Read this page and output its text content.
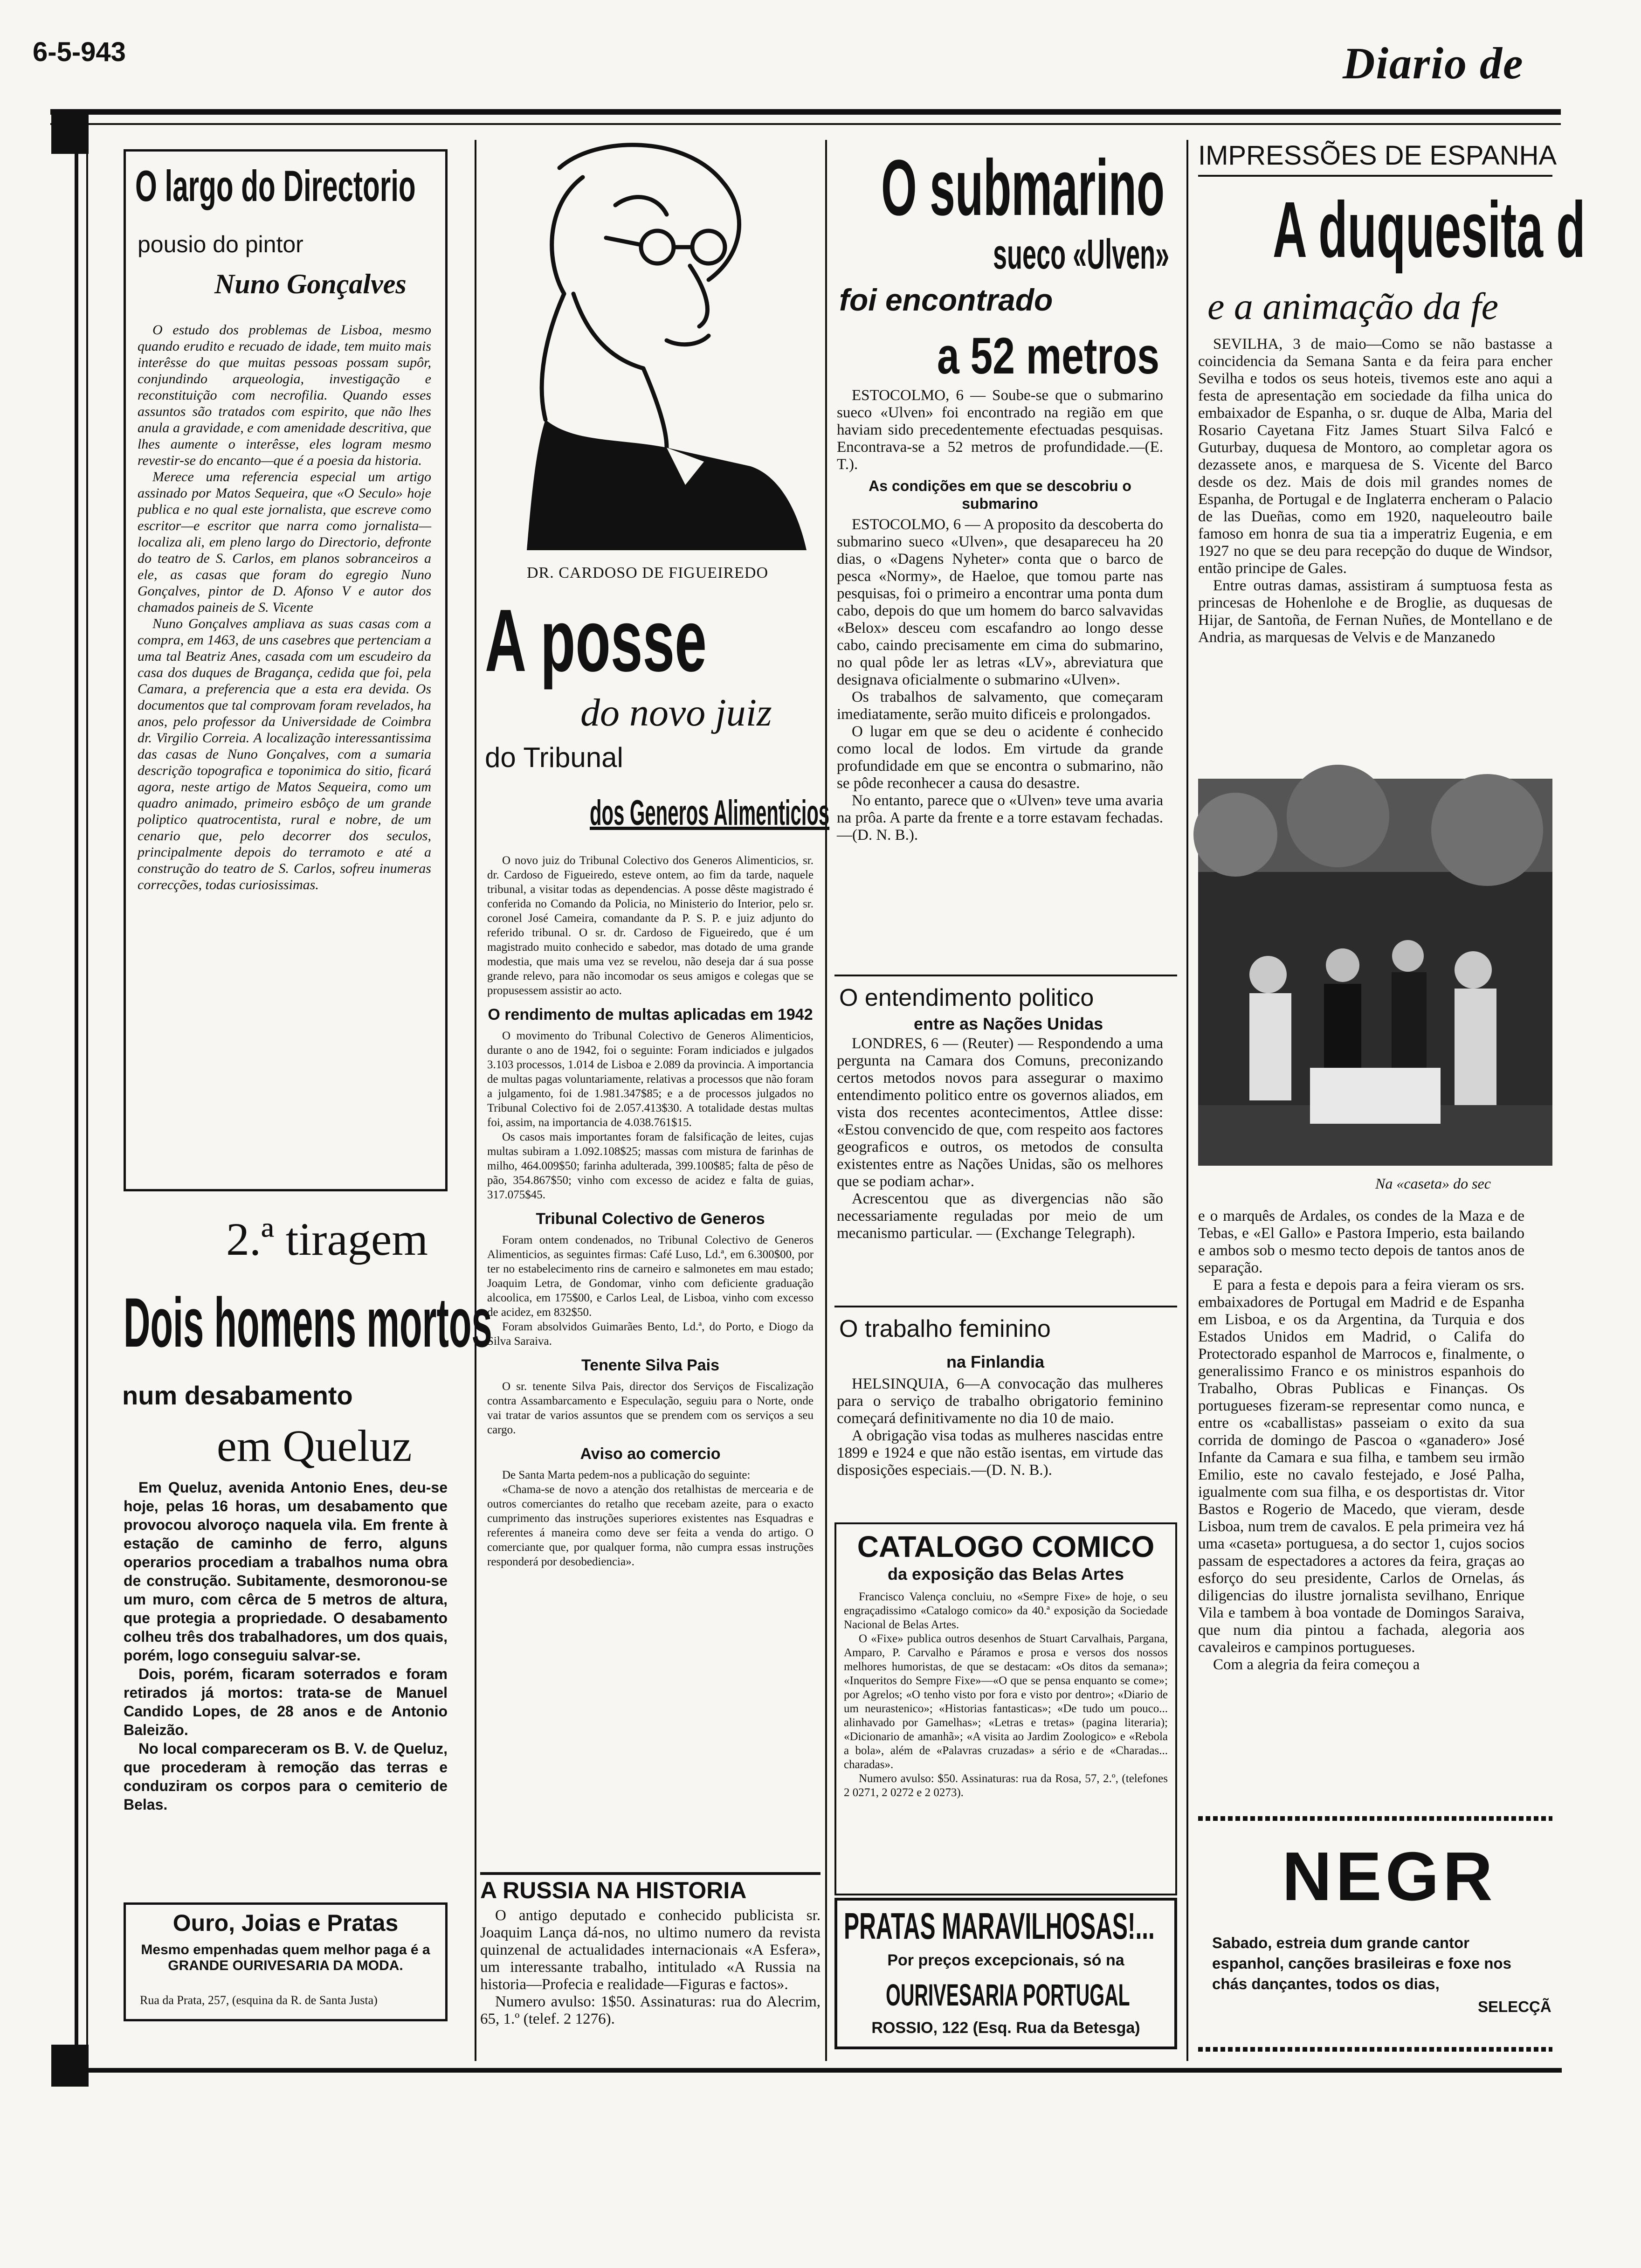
6-5-943	Diario de
O largo do Directorio
pousio do pintor
Nuno Gonçalves

O estudo dos problemas de Lisboa, mesmo quando erudito e recuado de idade, tem muito mais interêsse do que muitas pessoas possam supôr, conjundindo arqueologia, investigação e reconstituição com necrofilia. Quando esses assuntos são tratados com espirito, que não lhes anula a gravidade, e com amenidade descritiva, que lhes aumente o interêsse, eles logram mesmo revestir-se do encanto—que é a poesia da historia.

Merece uma referencia especial um artigo assinado por Matos Sequeira, que «O Seculo» hoje publica e no qual este jornalista, que escreve como escritor—e escritor que narra como jornalista—localiza ali, em pleno largo do Directorio, defronte do teatro de S. Carlos, em planos sobranceiros a ele, as casas que foram do egregio Nuno Gonçalves, pintor de D. Afonso V e autor dos chamados paineis de S. Vicente

Nuno Gonçalves ampliava as suas casas com a compra, em 1463, de uns casebres que pertenciam a uma tal Beatriz Anes, casada com um escudeiro da casa dos duques de Bragança, cedida que foi, pela Camara, a preferencia que a esta era devida. Os documentos que tal comprovam foram revelados, ha anos, pelo professor da Universidade de Coimbra dr. Virgilio Correia. A localização interessantissima das casas de Nuno Gonçalves, com a sumaria descrição topografica e toponimica do sitio, ficará agora, neste artigo de Matos Sequeira, como um quadro animado, primeiro esbôço de um grande poliptico quatrocentista, rural e nobre, de um cenario que, pelo decorrer dos seculos, principalmente depois do terramoto e até a construção do teatro de S. Carlos, sofreu inumeras correcções, todas curiosissimas.

2.ª tiragem
Dois homens mortos
num desabamento
em Queluz

Em Queluz, avenida Antonio Enes, deu-se hoje, pelas 16 horas, um desabamento que provocou alvoroço naquela vila. Em frente à estação de caminho de ferro, alguns operarios procediam a trabalhos numa obra de construção. Subitamente, desmoronou-se um muro, com cêrca de 5 metros de altura, que protegia a propriedade. O desabamento colheu três dos trabalhadores, um dos quais, porém, logo conseguiu salvar-se.

Dois, porém, ficaram soterrados e foram retirados já mortos: trata-se de Manuel Candido Lopes, de 28 anos e de Antonio Baleizão.

No local compareceram os B. V. de Queluz, que procederam à remoção das terras e conduziram os corpos para o cemiterio de Belas.

Ouro, Joias e Pratas
Mesmo empenhadas quem melhor paga é a GRANDE OURIVESARIA DA MODA.
Rua da Prata, 257, (esquina da R. de Santa Justa)
DR. CARDOSO DE FIGUEIREDO
A posse
do novo juiz
do Tribunal
dos Generos Alimenticios

O novo juiz do Tribunal Colectivo dos Generos Alimenticios, sr. dr. Cardoso de Figueiredo, esteve ontem, ao fim da tarde, naquele tribunal, a visitar todas as dependencias. A posse dêste magistrado é conferida no Comando da Policia, no Ministerio do Interior, pelo sr. coronel José Cameira, comandante da P. S. P. e juiz adjunto do referido tribunal. O sr. dr. Cardoso de Figueiredo, que é um magistrado muito conhecido e sabedor, mas dotado de uma grande modestia, que mais uma vez se revelou, não deseja dar á sua posse grande relevo, para não incomodar os seus amigos e colegas que se propusessem assistir ao acto.

O rendimento de multas aplicadas em 1942

O movimento do Tribunal Colectivo de Generos Alimenticios, durante o ano de 1942, foi o seguinte: Foram indiciados e julgados 3.103 processos, 1.014 de Lisboa e 2.089 da provincia. A importancia de multas pagas voluntariamente, relativas a processos que não foram a julgamento, foi de 1.981.347$85; e a de processos julgados no Tribunal Colectivo foi de 2.057.413$30. A totalidade destas multas foi, assim, na importancia de 4.038.761$15.

Os casos mais importantes foram de falsificação de leites, cujas multas subiram a 1.092.108$25; massas com mistura de farinhas de milho, 464.009$50; farinha adulterada, 399.100$85; falta de pêso de pão, 354.867$50; vinho com excesso de acidez e falta de guias, 317.075$45.

Tribunal Colectivo de Generos

Foram ontem condenados, no Tribunal Colectivo de Generos Alimenticios, as seguintes firmas: Café Luso, Ld.ª, em 6.300$00, por ter no estabelecimento rins de carneiro e salmonetes em mau estado; Joaquim Letra, de Gondomar, vinho com deficiente graduação alcoolica, em 175$00, e Carlos Leal, de Lisboa, vinho com excesso de acidez, em 832$50.

Foram absolvidos Guimarães Bento, Ld.ª, do Porto, e Diogo da Silva Saraiva.

Tenente Silva Pais

O sr. tenente Silva Pais, director dos Serviços de Fiscalização contra Assambarcamento e Especulação, seguiu para o Norte, onde vai tratar de varios assuntos que se prendem com os serviços a seu cargo.

Aviso ao comercio

De Santa Marta pedem-nos a publicação do seguinte:

«Chama-se de novo a atenção dos retalhistas de mercearia e de outros comerciantes do retalho que recebam azeite, para o exacto cumprimento das instruções superiores existentes nas Esquadras e referentes á maneira como deve ser feita a venda do artigo. O comerciante que, por qualquer forma, não cumpra essas instruções responderá por desobediencia».

A RUSSIA NA HISTORIA

O antigo deputado e conhecido publicista sr. Joaquim Lança dá-nos, no ultimo numero da revista quinzenal de actualidades internacionais «A Esfera», um interessante trabalho, intitulado «A Russia na historia—Profecia e realidade—Figuras e factos».

Numero avulso: 1$50. Assinaturas: rua do Alecrim, 65, 1.º (telef. 2 1276).

O submarino
sueco «Ulven»
foi encontrado
a 52 metros

ESTOCOLMO, 6 — Soube-se que o submarino sueco «Ulven» foi encontrado na região em que haviam sido precedentemente efectuadas pesquisas. Encontrava-se a 52 metros de profundidade.—(E. T.).

As condições em que se descobriu o submarino

ESTOCOLMO, 6 — A proposito da descoberta do submarino sueco «Ulven», que desapareceu ha 20 dias, o «Dagens Nyheter» conta que o barco de pesca «Normy», de Haeloe, que tomou parte nas pesquisas, foi o primeiro a encontrar uma ponta dum cabo, depois do que um homem do barco salvavidas «Belox» desceu com escafandro ao longo desse cabo, caindo precisamente em cima do submarino, no qual pôde ler as letras «LV», abreviatura que designava oficialmente o submarino «Ulven».

Os trabalhos de salvamento, que começaram imediatamente, serão muito dificeis e prolongados.

O lugar em que se deu o acidente é conhecido como local de lodos. Em virtude da grande profundidade em que se encontra o submarino, não se pôde reconhecer a causa do desastre.

No entanto, parece que o «Ulven» teve uma avaria na prôa. A parte da frente e a torre estavam fechadas.—(D. N. B.).

O entendimento politico
entre as Nações Unidas

LONDRES, 6 — (Reuter) — Respondendo a uma pergunta na Camara dos Comuns, preconizando certos metodos novos para assegurar o maximo entendimento politico entre os governos aliados, em vista dos recentes acontecimentos, Attlee disse: «Estou convencido de que, com respeito aos factores geograficos e outros, os metodos de consulta existentes entre as Nações Unidas, são os melhores que se podiam achar».

Acrescentou que as divergencias não são necessariamente reguladas por meio de um mecanismo particular. — (Exchange Telegraph).

O trabalho feminino
na Finlandia

HELSINQUIA, 6—A convocação das mulheres para o serviço de trabalho obrigatorio feminino começará definitivamente no dia 10 de maio.

A obrigação visa todas as mulheres nascidas entre 1899 e 1924 e que não estão isentas, em virtude das disposições especiais.—(D. N. B.).

CATALOGO COMICO
da exposição das Belas Artes

Francisco Valença concluiu, no «Sempre Fixe» de hoje, o seu engraçadissimo «Catalogo comico» da 40.ª exposição da Sociedade Nacional de Belas Artes.

O «Fixe» publica outros desenhos de Stuart Carvalhais, Pargana, Amparo, P. Carvalho e Páramos e prosa e versos dos nossos melhores humoristas, de que se destacam: «Os ditos da semana»; «Inqueritos do Sempre Fixe»—«O que se pensa enquanto se come»; por Agrelos; «O tenho visto por fora e visto por dentro»; «Diario de um neurastenico»; «Historias fantasticas»; «De tudo um pouco... alinhavado por Gamelhas»; «Letras e tretas» (pagina literaria); «Dicionario de amanhã»; «A visita ao Jardim Zoologico» e «Rebola a bola», além de «Palavras cruzadas» a sério e de «Charadas... charadas».

Numero avulso: $50. Assinaturas: rua da Rosa, 57, 2.º, (telefones 2 0271, 2 0272 e 2 0273).

PRATAS MARAVILHOSAS!...
Por preços excepcionais, só na
OURIVESARIA PORTUGAL
ROSSIO, 122 (Esq. Rua da Betesga)
IMPRESSÕES DE ESPANHA
A duquesita d
e a animação da fe

SEVILHA, 3 de maio—Como se não bastasse a coincidencia da Semana Santa e da feira para encher Sevilha e todos os seus hoteis, tivemos este ano aqui a festa de apresentação em sociedade da filha unica do embaixador de Espanha, o sr. duque de Alba, Maria del Rosario Cayetana Fitz James Stuart Silva Falcó e Guturbay, duquesa de Montoro, ao completar agora os dezassete anos, e marquesa de S. Vicente del Barco desde os dez. Mais de dois mil grandes nomes de Espanha, de Portugal e de Inglaterra encheram o Palacio de las Dueñas, como em 1920, naqueleoutro baile famoso em honra de sua tia a imperatriz Eugenia, e em 1927 no que se deu para recepção do duque de Windsor, então principe de Gales.

Entre outras damas, assistiram á sumptuosa festa as princesas de Hohenlohe e de Broglie, as duquesas de Hijar, de Santoña, de Fernan Nuñes, de Montellano e de Andria, as marquesas de Velvis e de Manzanedo

Na «caseta» do sec

e o marquês de Ardales, os condes de la Maza e de Tebas, e «El Gallo» e Pastora Imperio, esta bailando e ambos sob o mesmo tecto depois de tantos anos de separação.

E para a festa e depois para a feira vieram os srs. embaixadores de Portugal em Madrid e de Espanha em Lisboa, e os da Argentina, da Turquia e dos Estados Unidos em Madrid, o Califa do Protectorado espanhol de Marrocos e, finalmente, o generalissimo Franco e os ministros espanhois do Trabalho, Obras Publicas e Finanças. Os portugueses fizeram-se representar como nunca, e entre os «caballistas» passeiam o exito da sua corrida de domingo de Pascoa o «ganadero» José Infante da Camara e sua filha, e tambem seu irmão Emilio, este no cavalo festejado, e José Palha, igualmente com sua filha, e os desportistas dr. Vitor Bastos e Rogerio de Macedo, que vieram, desde Lisboa, num trem de cavalos. E pela primeira vez há uma «caseta» portuguesa, a do sector 1, cujos socios passam de espectadores a actores da feira, graças ao esforço do seu presidente, Carlos de Ornelas, ás diligencias do ilustre jornalista sevilhano, Enrique Vila e tambem à boa vontade de Domingos Saraiva, que num dia pintou a fachada, alegoria aos cavaleiros e campinos portugueses.

Com a alegria da feira começou a

NEGR
Sabado, estreia dum grande cantor espanhol, canções brasileiras e foxe nos chás dançantes, todos os dias,
SELECÇÃ
